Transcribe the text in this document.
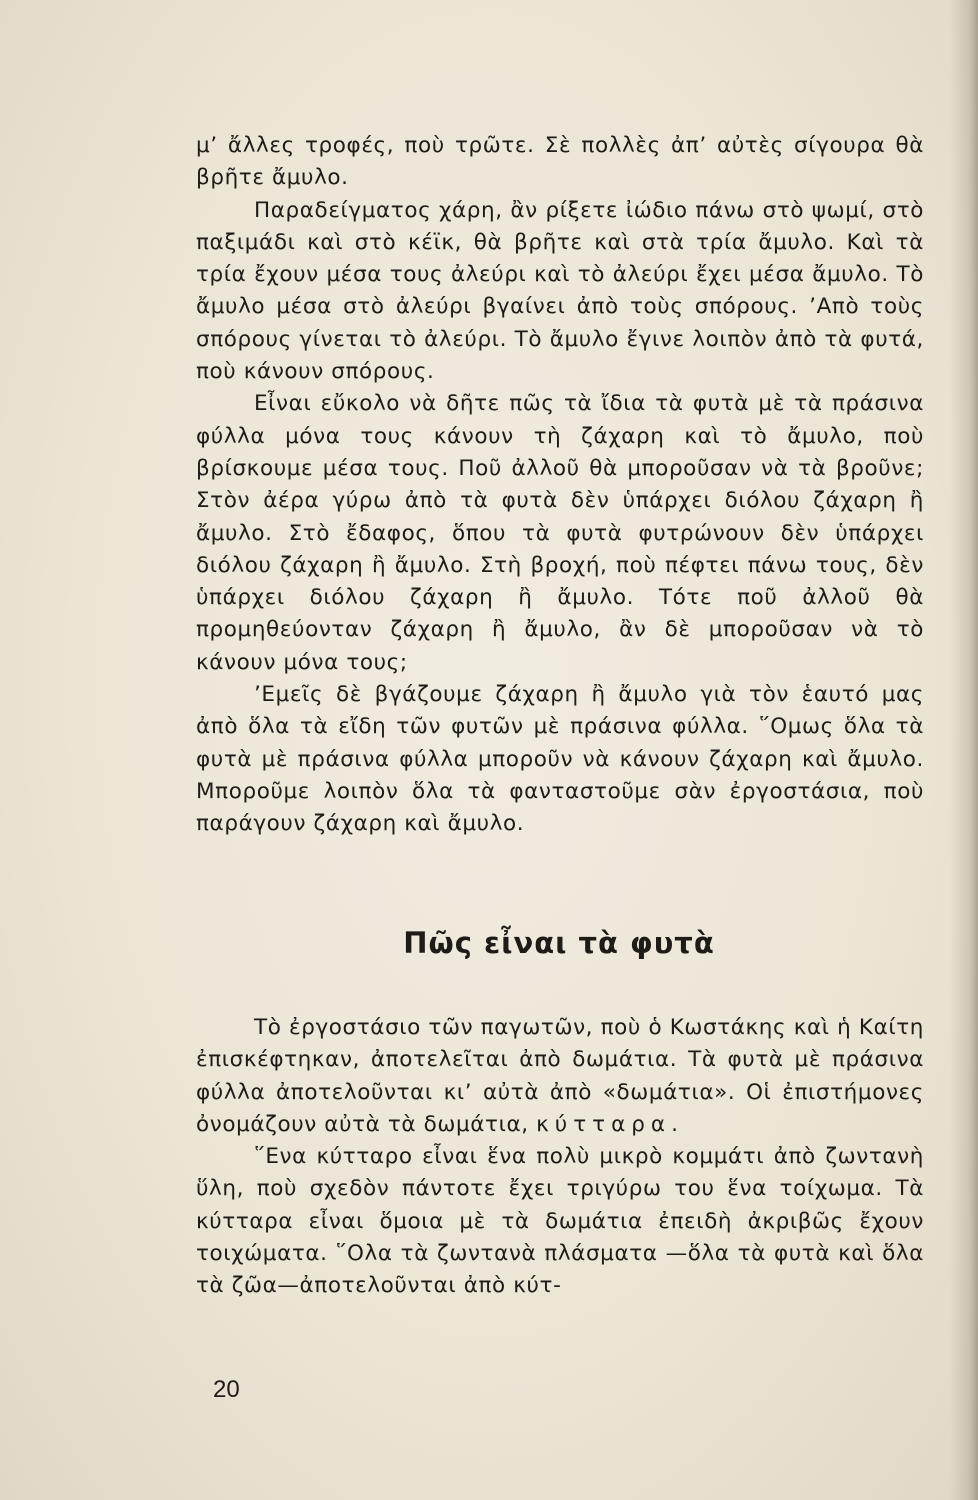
μ’ ἄλλες τροφές, ποὺ τρῶτε. Σὲ πολλὲς ἀπ’ αὐτὲς σίγουρα θὰ βρῆτε ἄμυλο.

Παραδείγματος χάρη, ἂν ρίξετε ἰώδιο πάνω στὸ ψωμί, στὸ παξιμάδι καὶ στὸ κέϊκ, θὰ βρῆτε καὶ στὰ τρία ἄμυλο. Καὶ τὰ τρία ἔχουν μέσα τους ἀλεύρι καὶ τὸ ἀλεύρι ἔχει μέσα ἄμυλο. Τὸ ἄμυλο μέσα στὸ ἀλεύρι βγαίνει ἀπὸ τοὺς σπόρους. ’Απὸ τοὺς σπόρους γίνεται τὸ ἀλεύρι. Τὸ ἄμυλο ἔγινε λοιπὸν ἀπὸ τὰ φυτά, ποὺ κάνουν σπόρους.

Εἶναι εὔκολο νὰ δῆτε πῶς τὰ ἴδια τὰ φυτὰ μὲ τὰ πράσινα φύλλα μόνα τους κάνουν τὴ ζάχαρη καὶ τὸ ἄμυλο, ποὺ βρίσκουμε μέσα τους. Ποῦ ἀλλοῦ θὰ μποροῦσαν νὰ τὰ βροῦνε; Στὸν ἀέρα γύρω ἀπὸ τὰ φυτὰ δὲν ὑπάρχει διόλου ζάχαρη ἢ ἄμυλο. Στὸ ἔδαφος, ὅπου τὰ φυτὰ φυτρώνουν δὲν ὑπάρχει διόλου ζάχαρη ἢ ἄμυλο. Στὴ βροχή, ποὺ πέφτει πάνω τους, δὲν ὑπάρχει διόλου ζάχαρη ἢ ἄμυλο. Τότε ποῦ ἀλλοῦ θὰ προμηθεύονταν ζάχαρη ἢ ἄμυλο, ἂν δὲ μποροῦσαν νὰ τὸ κάνουν μόνα τους;

’Εμεῖς δὲ βγάζουμε ζάχαρη ἢ ἄμυλο γιὰ τὸν ἑαυτό μας ἀπὸ ὅλα τὰ εἴδη τῶν φυτῶν μὲ πράσινα φύλλα. ῞Ομως ὅλα τὰ φυτὰ μὲ πράσινα φύλλα μποροῦν νὰ κάνουν ζάχαρη καὶ ἄμυλο. Μποροῦμε λοιπὸν ὅλα τὰ φανταστοῦμε σὰν ἐργοστάσια, ποὺ παράγουν ζάχαρη καὶ ἄμυλο.

Πῶς εἶναι τὰ φυτὰ

Τὸ ἐργοστάσιο τῶν παγωτῶν, ποὺ ὁ Κωστάκης καὶ ἡ Καίτη ἐπισκέφτηκαν, ἀποτελεῖται ἀπὸ δωμάτια. Τὰ φυτὰ μὲ πράσινα φύλλα ἀποτελοῦνται κι’ αὐτὰ ἀπὸ «δωμάτια». Οἱ ἐπιστήμονες ὀνομάζουν αὐτὰ τὰ δωμάτια, κύτταρα.

῞Ενα κύτταρο εἶναι ἕνα πολὺ μικρὸ κομμάτι ἀπὸ ζωντανὴ ὕλη, ποὺ σχεδὸν πάντοτε ἔχει τριγύρω του ἕνα τοίχωμα. Τὰ κύτταρα εἶναι ὅμοια μὲ τὰ δωμάτια ἐπειδὴ ἀκριβῶς ἔχουν τοιχώματα. ῞Ολα τὰ ζωντανὰ πλάσματα —ὅλα τὰ φυτὰ καὶ ὅλα τὰ ζῶα—ἀποτελοῦνται ἀπὸ κύτ-

20
